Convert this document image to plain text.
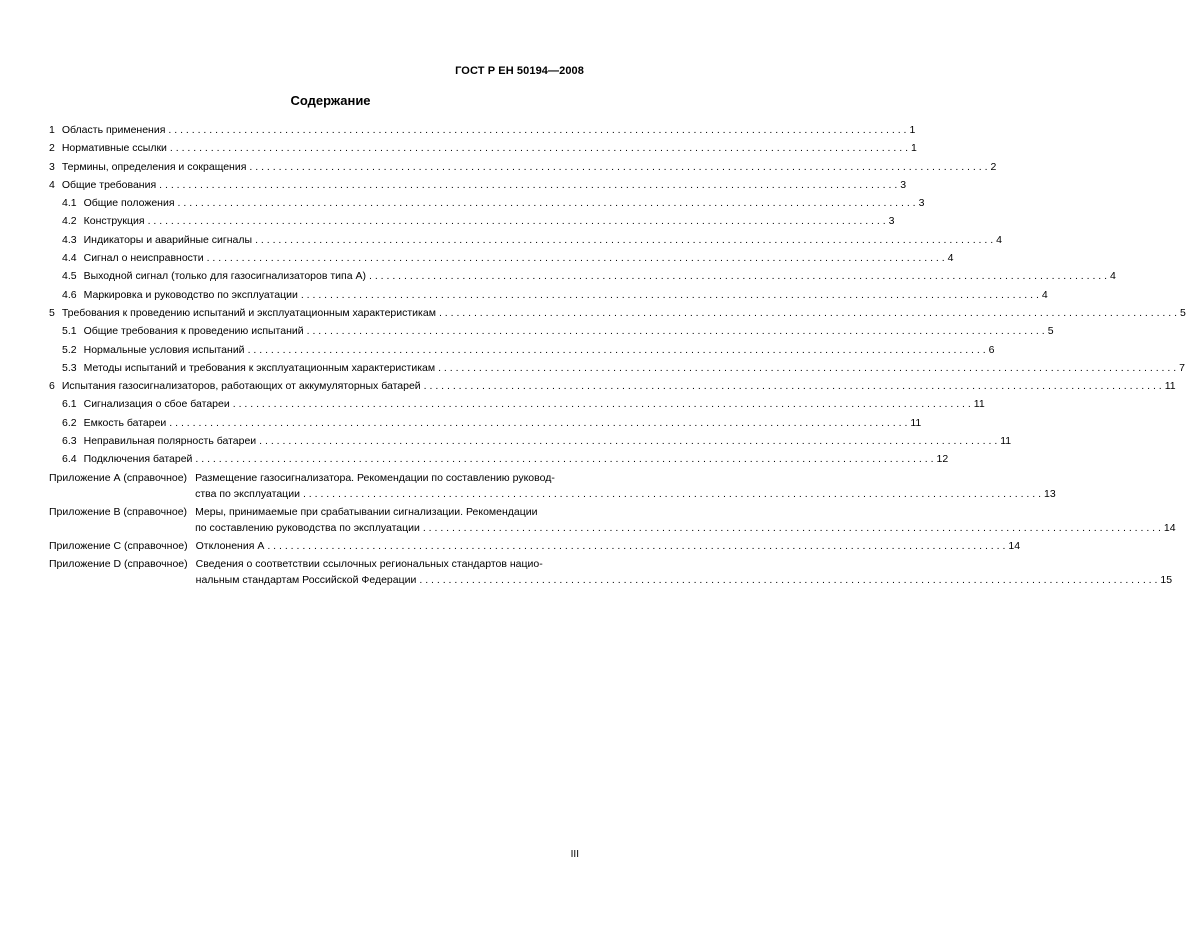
ГОСТ Р ЕН 50194—2008
Содержание
1 Область применения . . .	1
2 Нормативные ссылки . . .	1
3 Термины, определения и сокращения . . .	2
4 Общие требования . . .	3
4.1 Общие положения . . .	3
4.2 Конструкция . . .	3
4.3 Индикаторы и аварийные сигналы . . .	4
4.4 Сигнал о неисправности . . .	4
4.5 Выходной сигнал (только для газосигнализаторов типа А) . . .	4
4.6 Маркировка и руководство по эксплуатации . . .	4
5 Требования к проведению испытаний и эксплуатационным характеристикам . . .	5
5.1 Общие требования к проведению испытаний . . .	5
5.2 Нормальные условия испытаний . . .	6
5.3 Методы испытаний и требования к эксплуатационным характеристикам . . .	7
6 Испытания газосигнализаторов, работающих от аккумуляторных батарей . . .	11
6.1 Сигнализация о сбое батареи . . .	11
6.2 Емкость батареи . . .	11
6.3 Неправильная полярность батареи . . .	11
6.4 Подключения батарей . . .	12
Приложение А (справочное) Размещение газосигнализатора. Рекомендации по составлению руковод-
ства по эксплуатации . . .	13
Приложение В (справочное) Меры, принимаемые при срабатывании сигнализации. Рекомендации
по составлению руководства по эксплуатации . . .	14
Приложение С (справочное) Отклонения А . . .	14
Приложение D (справочное) Сведения о соответствии ссылочных региональных стандартов нацио-
нальным стандартам Российской Федерации . . .	15
III
